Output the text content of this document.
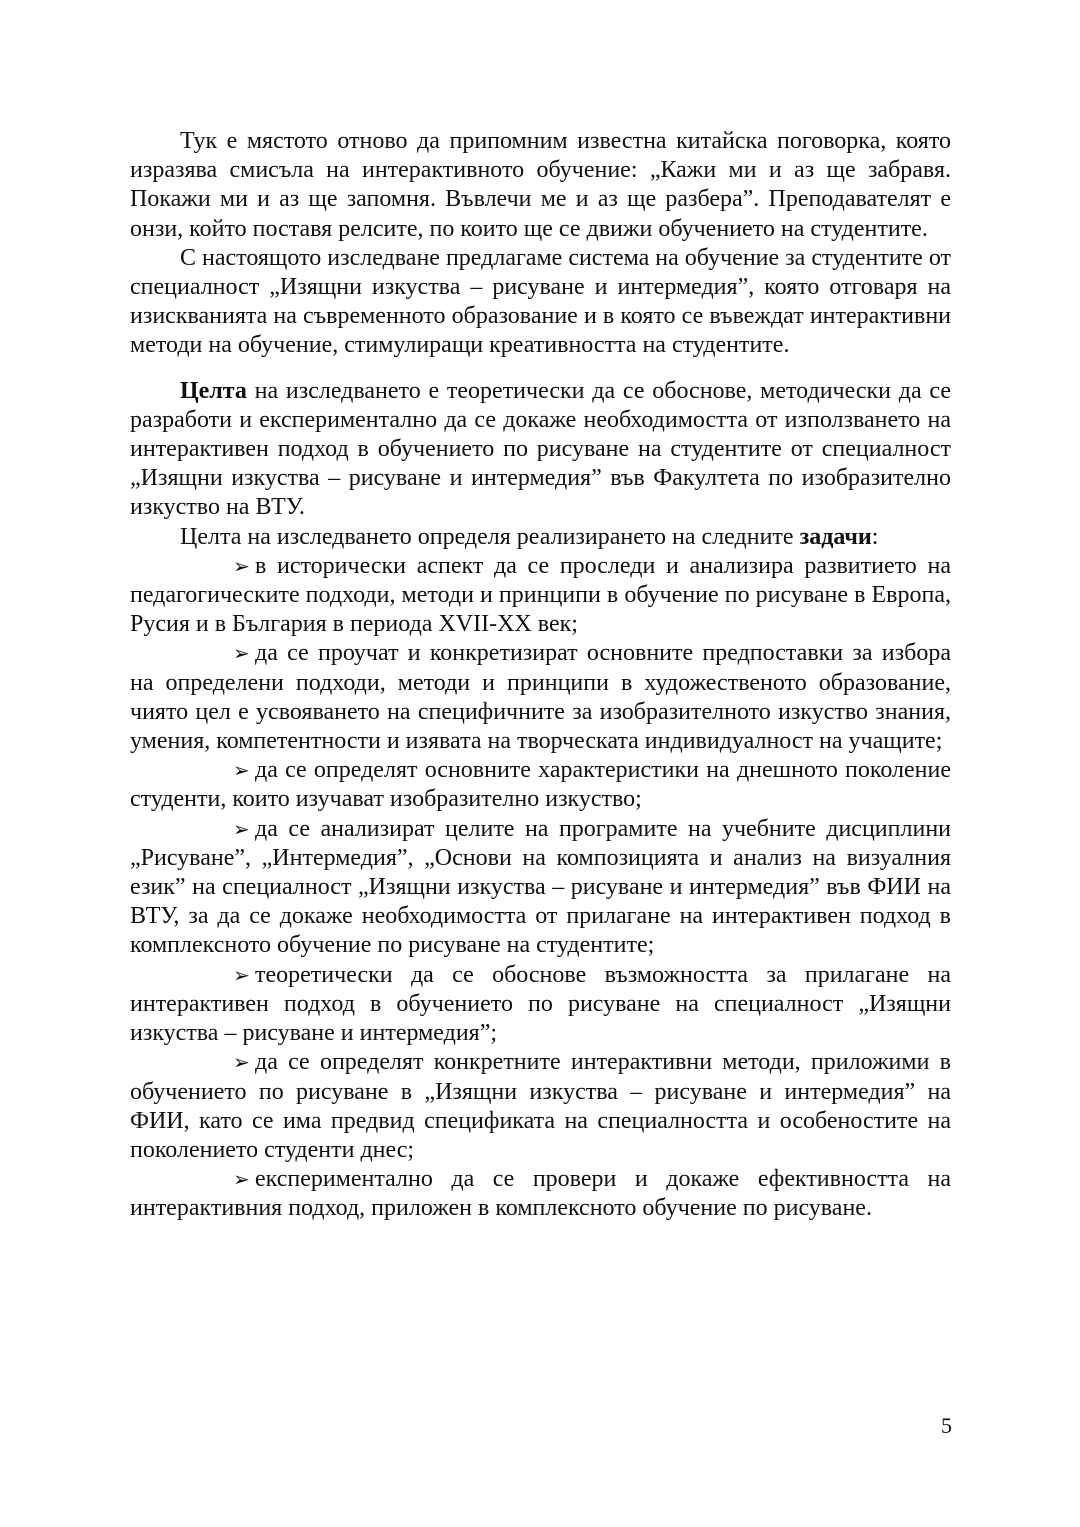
Тук е мястото отново да припомним известна китайска поговорка, която изразява смисъла на интерактивното обучение: „Кажи ми и аз ще забравя. Покажи ми и аз ще запомня. Въвлечи ме и аз ще разбера”. Преподавателят е онзи, който поставя релсите, по които ще се движи обучението на студентите.

С настоящото изследване предлагаме система на обучение за студентите от специалност „Изящни изкуства – рисуване и интермедия”, която отговаря на изискванията на съвременното образование и в която се въвеждат интерактивни методи на обучение, стимулиращи креативността на студентите.

Целта на изследването е теоретически да се обоснове, методически да се разработи и експериментално да се докаже необходимостта от използването на интерактивен подход в обучението по рисуване на студентите от специалност „Изящни изкуства – рисуване и интермедия” във Факултета по изобразително изкуство на ВТУ.

Целта на изследването определя реализирането на следните задачи:

➢ в исторически аспект да се проследи и анализира развитието на педагогическите подходи, методи и принципи в обучение по рисуване в Европа, Русия и в България в периода XVII-XX век;

➢ да се проучат и конкретизират основните предпоставки за избора на определени подходи, методи и принципи в художественото образование, чиято цел е усвояването на специфичните за изобразителното изкуство знания, умения, компетентности и изявата на творческата индивидуалност на учащите;

➢ да се определят основните характеристики на днешното поколение студенти, които изучават изобразително изкуство;

➢ да се анализират целите на програмите на учебните дисциплини „Рисуване”, „Интермедия”, „Основи на композицията и анализ на визуалния език” на специалност „Изящни изкуства – рисуване и интермедия” във ФИИ на ВТУ, за да се докаже необходимостта от прилагане на интерактивен подход в комплексното обучение по рисуване на студентите;

➢ теоретически да се обоснове възможността за прилагане на интерактивен подход в обучението по рисуване на специалност „Изящни изкуства – рисуване и интермедия”;

➢ да се определят конкретните интерактивни методи, приложими в обучението по рисуване в „Изящни изкуства – рисуване и интермедия” на ФИИ, като се има предвид спецификата на специалността и особеностите на поколението студенти днес;

➢ експериментално да се провери и докаже ефективността на интерактивния подход, приложен в комплексното обучение по рисуване.

5
